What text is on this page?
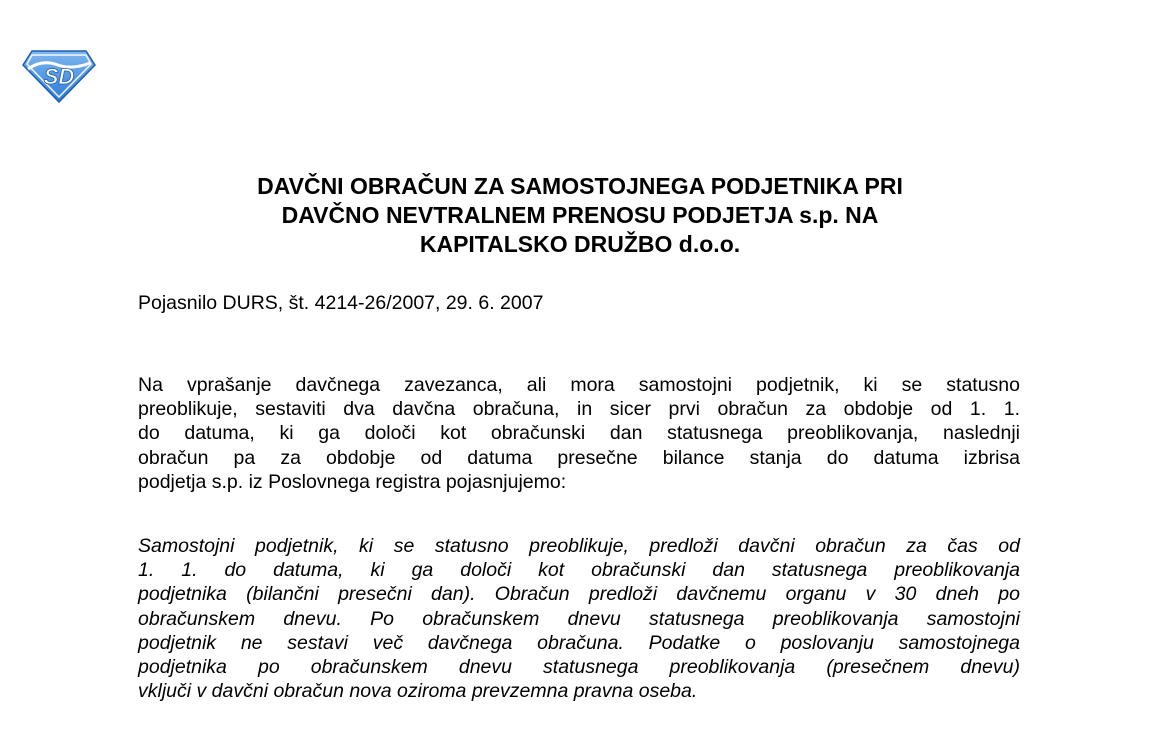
SD
DAVČNI OBRAČUN ZA SAMOSTOJNEGA PODJETNIKA PRI
DAVČNO NEVTRALNEM PRENOSU PODJETJA s.p. NA
KAPITALSKO DRUŽBO d.o.o.
Pojasnilo DURS, št. 4214-26/2007, 29. 6. 2007
Na vprašanje davčnega zavezanca, ali mora samostojni podjetnik, ki se statusno
preoblikuje, sestaviti dva davčna obračuna, in sicer prvi obračun za obdobje od 1. 1.
do datuma, ki ga določi kot obračunski dan statusnega preoblikovanja, naslednji
obračun pa za obdobje od datuma presečne bilance stanja do datuma izbrisa
podjetja s.p. iz Poslovnega registra pojasnjujemo:
Samostojni podjetnik, ki se statusno preoblikuje, predloži davčni obračun za čas od
1. 1. do datuma, ki ga določi kot obračunski dan statusnega preoblikovanja
podjetnika (bilančni presečni dan). Obračun predloži davčnemu organu v 30 dneh po
obračunskem dnevu. Po obračunskem dnevu statusnega preoblikovanja samostojni
podjetnik ne sestavi več davčnega obračuna. Podatke o poslovanju samostojnega
podjetnika po obračunskem dnevu statusnega preoblikovanja (presečnem dnevu)
vključi v davčni obračun nova oziroma prevzemna pravna oseba.
